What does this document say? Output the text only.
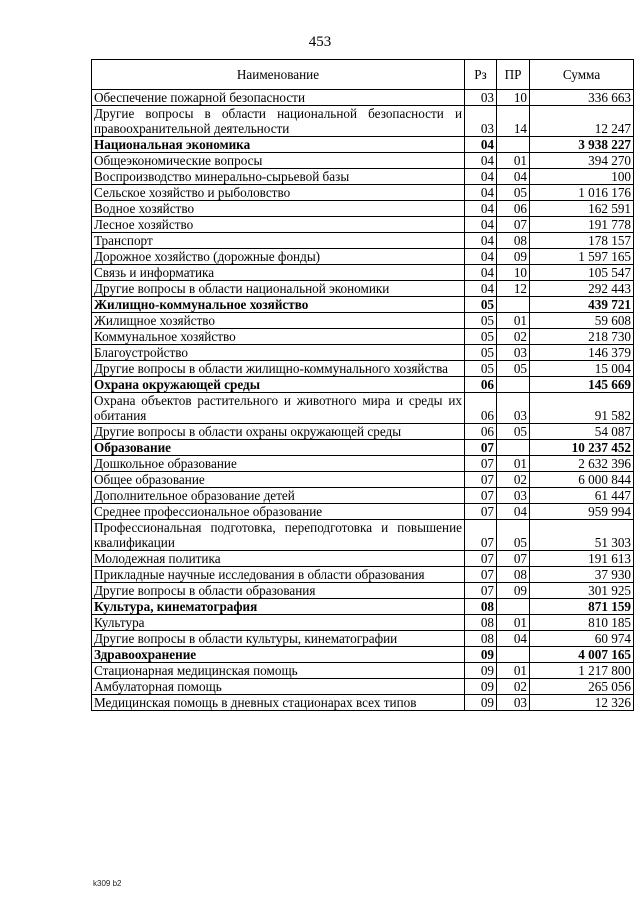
453
Наименование	Рз	ПР	Сумма
Обеспечение пожарной безопасности	03	10	336 663
Другие вопросы в области национальной безопасности и правоохранительной деятельности	03	14	12 247
Национальная экономика	04		3 938 227
Общеэкономические вопросы	04	01	394 270
Воспроизводство минерально-сырьевой базы	04	04	100
Сельское хозяйство и рыболовство	04	05	1 016 176
Водное хозяйство	04	06	162 591
Лесное хозяйство	04	07	191 778
Транспорт	04	08	178 157
Дорожное хозяйство (дорожные фонды)	04	09	1 597 165
Связь и информатика	04	10	105 547
Другие вопросы в области национальной экономики	04	12	292 443
Жилищно-коммунальное хозяйство	05		439 721
Жилищное хозяйство	05	01	59 608
Коммунальное хозяйство	05	02	218 730
Благоустройство	05	03	146 379
Другие вопросы в области жилищно-коммунального хозяйства	05	05	15 004
Охрана окружающей среды	06		145 669
Охрана объектов растительного и животного мира и среды их обитания	06	03	91 582
Другие вопросы в области охраны окружающей среды	06	05	54 087
Образование	07		10 237 452
Дошкольное образование	07	01	2 632 396
Общее образование	07	02	6 000 844
Дополнительное образование детей	07	03	61 447
Среднее профессиональное образование	07	04	959 994
Профессиональная подготовка, переподготовка и повышение квалификации	07	05	51 303
Молодежная политика	07	07	191 613
Прикладные научные исследования в области образования	07	08	37 930
Другие вопросы в области образования	07	09	301 925
Культура, кинематография	08		871 159
Культура	08	01	810 185
Другие вопросы в области культуры, кинематографии	08	04	60 974
Здравоохранение	09		4 007 165
Стационарная медицинская помощь	09	01	1 217 800
Амбулаторная помощь	09	02	265 056
Медицинская помощь в дневных стационарах всех типов	09	03	12 326
k309 b2
